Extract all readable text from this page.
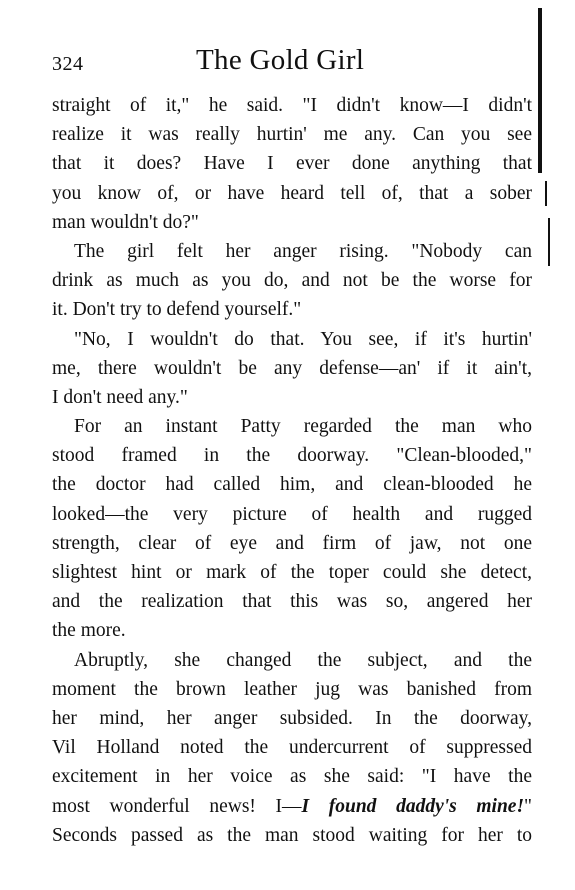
324	The Gold Girl
straight of it," he said. "I didn't know—I didn't
realize it was really hurtin' me any. Can you see
that it does? Have I ever done anything that
you know of, or have heard tell of, that a sober
man wouldn't do?"
The girl felt her anger rising. "Nobody can
drink as much as you do, and not be the worse for
it. Don't try to defend yourself."
"No, I wouldn't do that. You see, if it's hurtin'
me, there wouldn't be any defense—an' if it ain't,
I don't need any."
For an instant Patty regarded the man who
stood framed in the doorway. "Clean-blooded,"
the doctor had called him, and clean-blooded he
looked—the very picture of health and rugged
strength, clear of eye and firm of jaw, not one
slightest hint or mark of the toper could she detect,
and the realization that this was so, angered her
the more.
Abruptly, she changed the subject, and the
moment the brown leather jug was banished from
her mind, her anger subsided. In the doorway,
Vil Holland noted the undercurrent of suppressed
excitement in her voice as she said: "I have the
most wonderful news! I—I found daddy's mine!"
Seconds passed as the man stood waiting for her to
